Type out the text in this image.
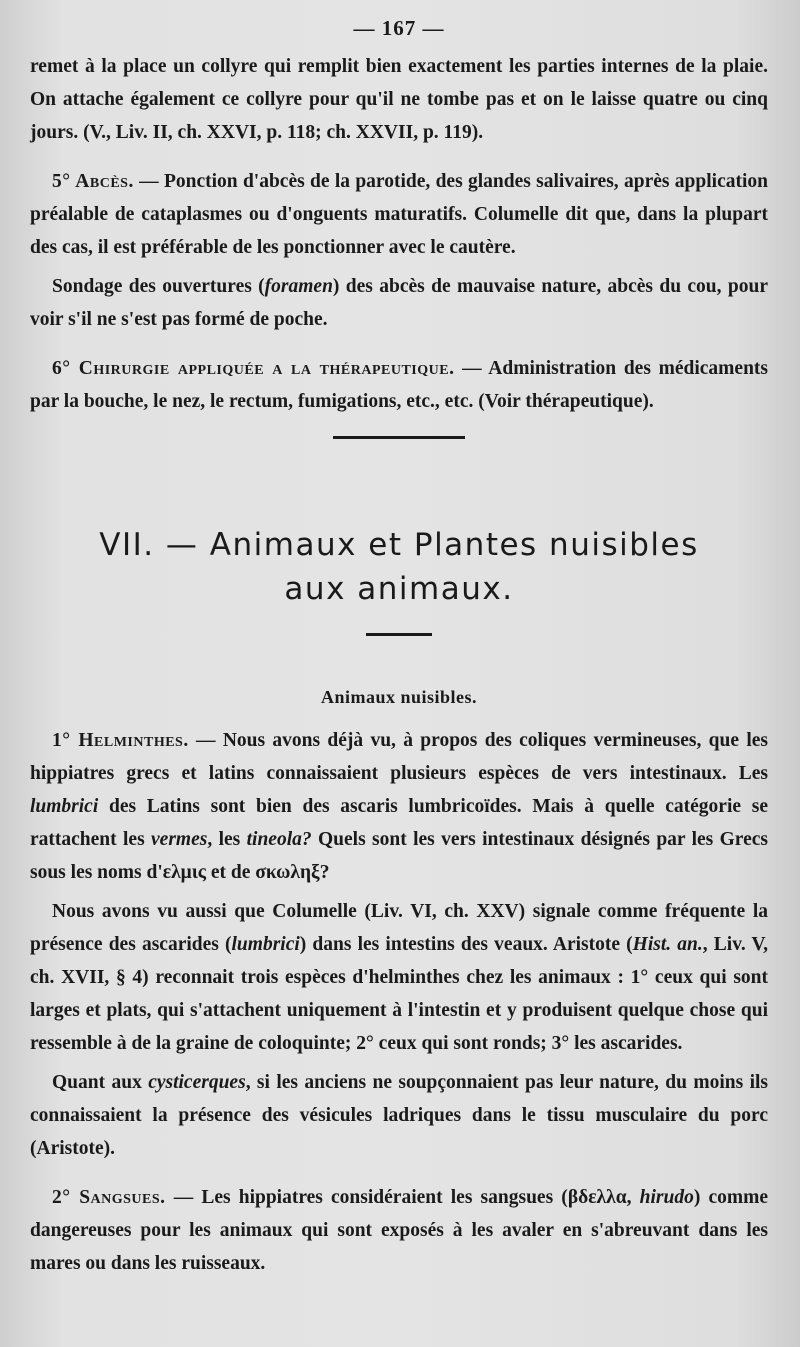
— 167 —

remet à la place un collyre qui remplit bien exactement les parties internes de la plaie. On attache également ce collyre pour qu'il ne tombe pas et on le laisse quatre ou cinq jours. (V., Liv. II, ch. XXVI, p. 118; ch. XXVII, p. 119).

5° Abcès. — Ponction d'abcès de la parotide, des glandes salivaires, après application préalable de cataplasmes ou d'onguents maturatifs. Columelle dit que, dans la plupart des cas, il est préférable de les ponctionner avec le cautère.

Sondage des ouvertures (foramen) des abcès de mauvaise nature, abcès du cou, pour voir s'il ne s'est pas formé de poche.

6° Chirurgie appliquée a la thérapeutique. — Administration des médicaments par la bouche, le nez, le rectum, fumigations, etc., etc. (Voir thérapeutique).

VII. — Animaux et Plantes nuisibles
aux animaux.
Animaux nuisibles.

1° Helminthes. — Nous avons déjà vu, à propos des coliques vermineuses, que les hippiatres grecs et latins connaissaient plusieurs espèces de vers intestinaux. Les lumbrici des Latins sont bien des ascaris lumbricoïdes. Mais à quelle catégorie se rattachent les vermes, les tineola? Quels sont les vers intestinaux désignés par les Grecs sous les noms d'ελμις et de σκωληξ?

Nous avons vu aussi que Columelle (Liv. VI, ch. XXV) signale comme fréquente la présence des ascarides (lumbrici) dans les intestins des veaux. Aristote (Hist. an., Liv. V, ch. XVII, § 4) reconnait trois espèces d'helminthes chez les animaux : 1° ceux qui sont larges et plats, qui s'attachent uniquement à l'intestin et y produisent quelque chose qui ressemble à de la graine de coloquinte; 2° ceux qui sont ronds; 3° les ascarides.

Quant aux cysticerques, si les anciens ne soupçonnaient pas leur nature, du moins ils connaissaient la présence des vésicules ladriques dans le tissu musculaire du porc (Aristote).

2° Sangsues. — Les hippiatres considéraient les sangsues (βδελλα, hirudo) comme dangereuses pour les animaux qui sont exposés à les avaler en s'abreuvant dans les mares ou dans les ruisseaux.
